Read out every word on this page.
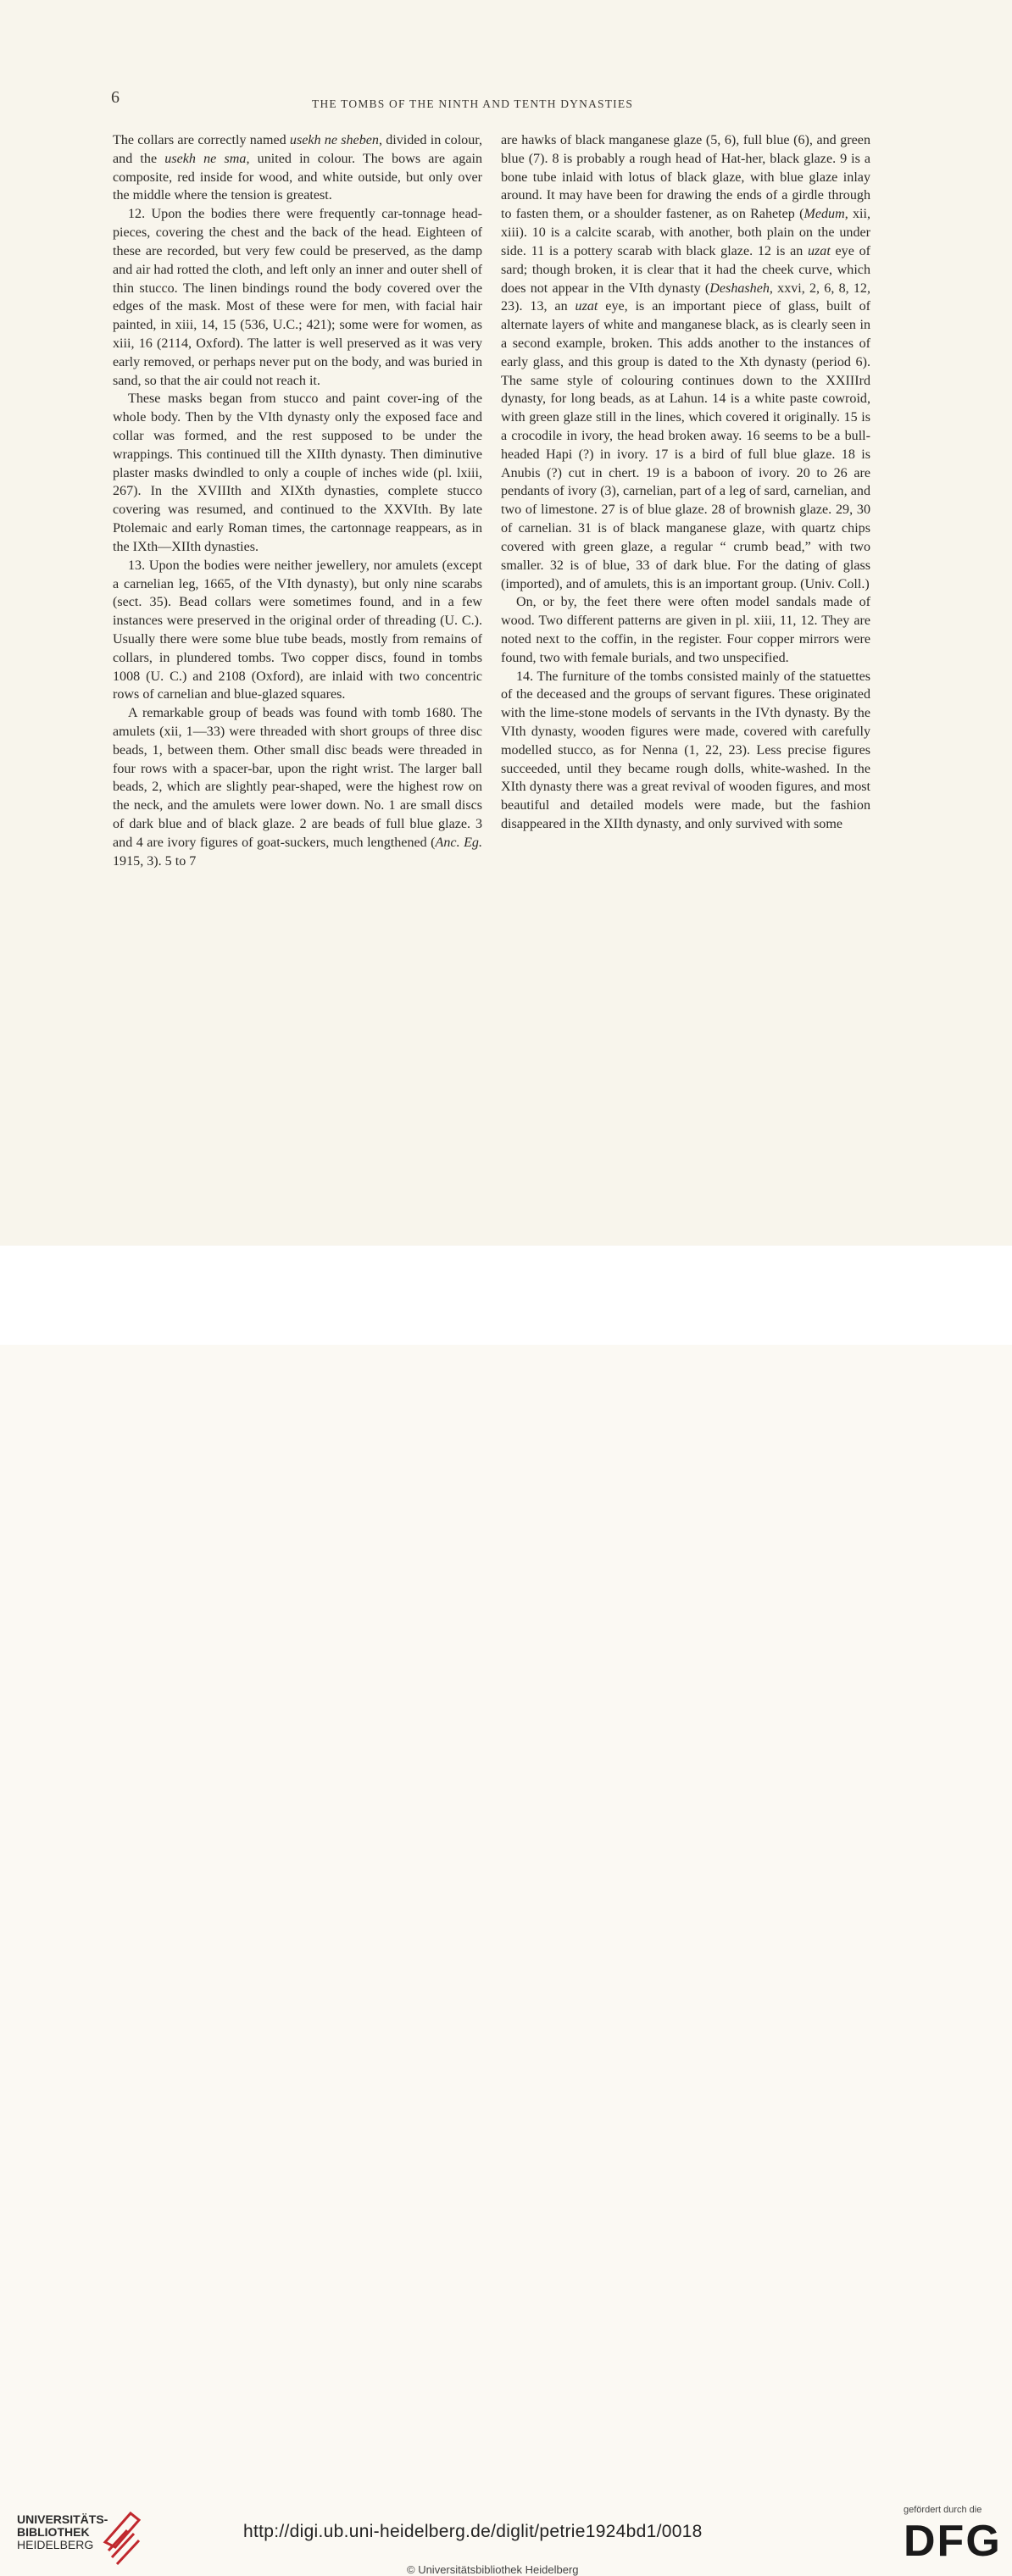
6	THE TOMBS OF THE NINTH AND TENTH DYNASTIES

The collars are correctly named usekh ne sheben, divided in colour, and the usekh ne sma, united in colour. The bows are again composite, red inside for wood, and white outside, but only over the middle where the tension is greatest.

12. Upon the bodies there were frequently car-tonnage head-pieces, covering the chest and the back of the head. Eighteen of these are recorded, but very few could be preserved, as the damp and air had rotted the cloth, and left only an inner and outer shell of thin stucco. The linen bindings round the body covered over the edges of the mask. Most of these were for men, with facial hair painted, in xiii, 14, 15 (536, U.C.; 421); some were for women, as xiii, 16 (2114, Oxford). The latter is well preserved as it was very early removed, or perhaps never put on the body, and was buried in sand, so that the air could not reach it.

These masks began from stucco and paint cover-ing of the whole body. Then by the VIth dynasty only the exposed face and collar was formed, and the rest supposed to be under the wrappings. This continued till the XIIth dynasty. Then diminutive plaster masks dwindled to only a couple of inches wide (pl. lxiii, 267). In the XVIIIth and XIXth dynasties, complete stucco covering was resumed, and continued to the XXVIth. By late Ptolemaic and early Roman times, the cartonnage reappears, as in the IXth—XIIth dynasties.

13. Upon the bodies were neither jewellery, nor amulets (except a carnelian leg, 1665, of the VIth dynasty), but only nine scarabs (sect. 35). Bead collars were sometimes found, and in a few instances were preserved in the original order of threading (U. C.). Usually there were some blue tube beads, mostly from remains of collars, in plundered tombs. Two copper discs, found in tombs 1008 (U. C.) and 2108 (Oxford), are inlaid with two concentric rows of carnelian and blue-glazed squares.

A remarkable group of beads was found with tomb 1680. The amulets (xii, 1—33) were threaded with short groups of three disc beads, 1, between them. Other small disc beads were threaded in four rows with a spacer-bar, upon the right wrist. The larger ball beads, 2, which are slightly pear-shaped, were the highest row on the neck, and the amulets were lower down. No. 1 are small discs of dark blue and of black glaze. 2 are beads of full blue glaze. 3 and 4 are ivory figures of goat-suckers, much lengthened (Anc. Eg. 1915, 3). 5 to 7

are hawks of black manganese glaze (5, 6), full blue (6), and green blue (7). 8 is probably a rough head of Hat-her, black glaze. 9 is a bone tube inlaid with lotus of black glaze, with blue glaze inlay around. It may have been for drawing the ends of a girdle through to fasten them, or a shoulder fastener, as on Rahetep (Medum, xii, xiii). 10 is a calcite scarab, with another, both plain on the under side. 11 is a pottery scarab with black glaze. 12 is an uzat eye of sard; though broken, it is clear that it had the cheek curve, which does not appear in the VIth dynasty (Deshasheh, xxvi, 2, 6, 8, 12, 23). 13, an uzat eye, is an important piece of glass, built of alternate layers of white and manganese black, as is clearly seen in a second example, broken. This adds another to the instances of early glass, and this group is dated to the Xth dynasty (period 6). The same style of colouring continues down to the XXIIIrd dynasty, for long beads, as at Lahun. 14 is a white paste cowroid, with green glaze still in the lines, which covered it originally. 15 is a crocodile in ivory, the head broken away. 16 seems to be a bull-headed Hapi (?) in ivory. 17 is a bird of full blue glaze. 18 is Anubis (?) cut in chert. 19 is a baboon of ivory. 20 to 26 are pendants of ivory (3), carnelian, part of a leg of sard, carnelian, and two of limestone. 27 is of blue glaze. 28 of brownish glaze. 29, 30 of carnelian. 31 is of black manganese glaze, with quartz chips covered with green glaze, a regular “ crumb bead,” with two smaller. 32 is of blue, 33 of dark blue. For the dating of glass (imported), and of amulets, this is an important group. (Univ. Coll.)

On, or by, the feet there were often model sandals made of wood. Two different patterns are given in pl. xiii, 11, 12. They are noted next to the coffin, in the register. Four copper mirrors were found, two with female burials, and two unspecified.

14. The furniture of the tombs consisted mainly of the statuettes of the deceased and the groups of servant figures. These originated with the lime-stone models of servants in the IVth dynasty. By the VIth dynasty, wooden figures were made, covered with carefully modelled stucco, as for Nenna (1, 22, 23). Less precise figures succeeded, until they became rough dolls, white-washed. In the XIth dynasty there was a great revival of wooden figures, and most beautiful and detailed models were made, but the fashion disappeared in the XIIth dynasty, and only survived with some

UNIVERSITÄTS-
BIBLIOTHEK
HEIDELBERG
http://digi.ub.uni-heidelberg.de/diglit/petrie1924bd1/0018
© Universitätsbibliothek Heidelberg
gefördert durch die
DFG
